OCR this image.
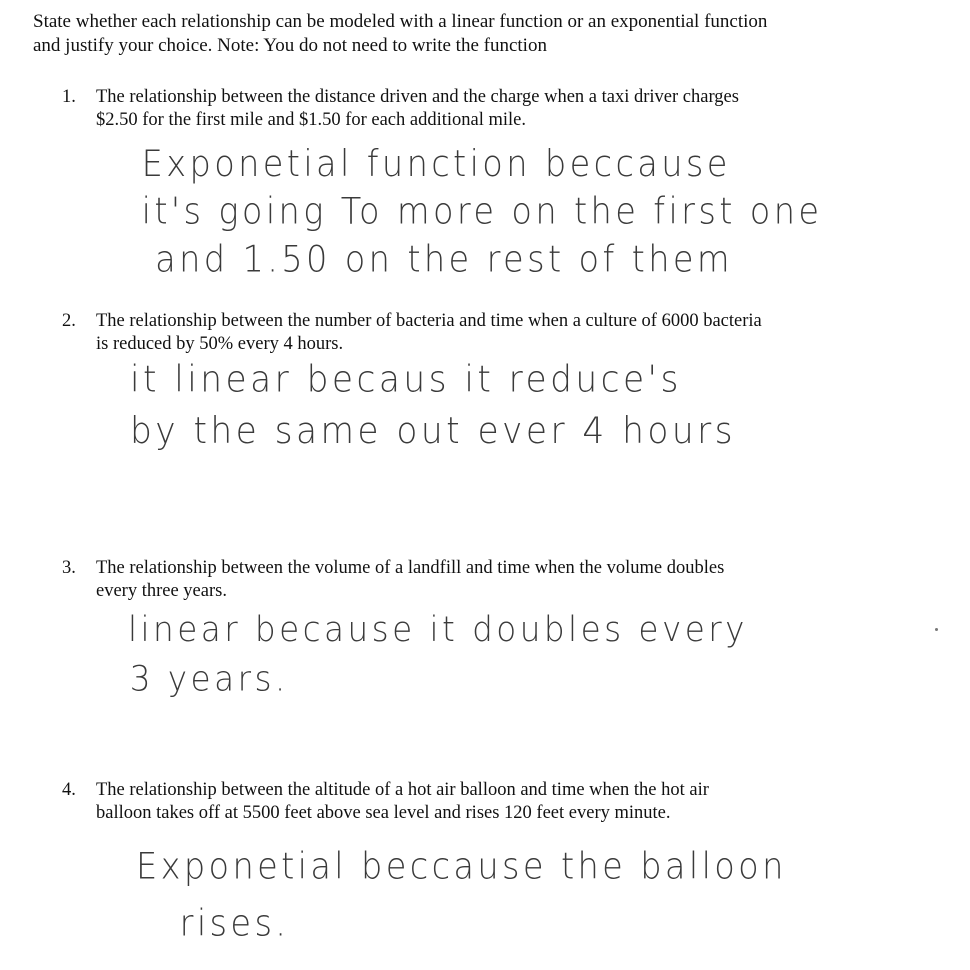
State whether each relationship can be modeled with a linear function or an exponential function
and justify your choice. Note: You do not need to write the function
1.	The relationship between the distance driven and the charge when a taxi driver charges
$2.50 for the first mile and $1.50 for each additional mile.
Exponetial function beccause
it's going To more on the first one
and 1.50 on the rest of them
2.	The relationship between the number of bacteria and time when a culture of 6000 bacteria
is reduced by 50% every 4 hours.
it linear becaus it reduce's
by the same out ever 4 hours
3.	The relationship between the volume of a landfill and time when the volume doubles
every three years.
linear because it doubles every
3 years.
4.	The relationship between the altitude of a hot air balloon and time when the hot air
balloon takes off at 5500 feet above sea level and rises 120 feet every minute.
Exponetial beccause the balloon
rises.
